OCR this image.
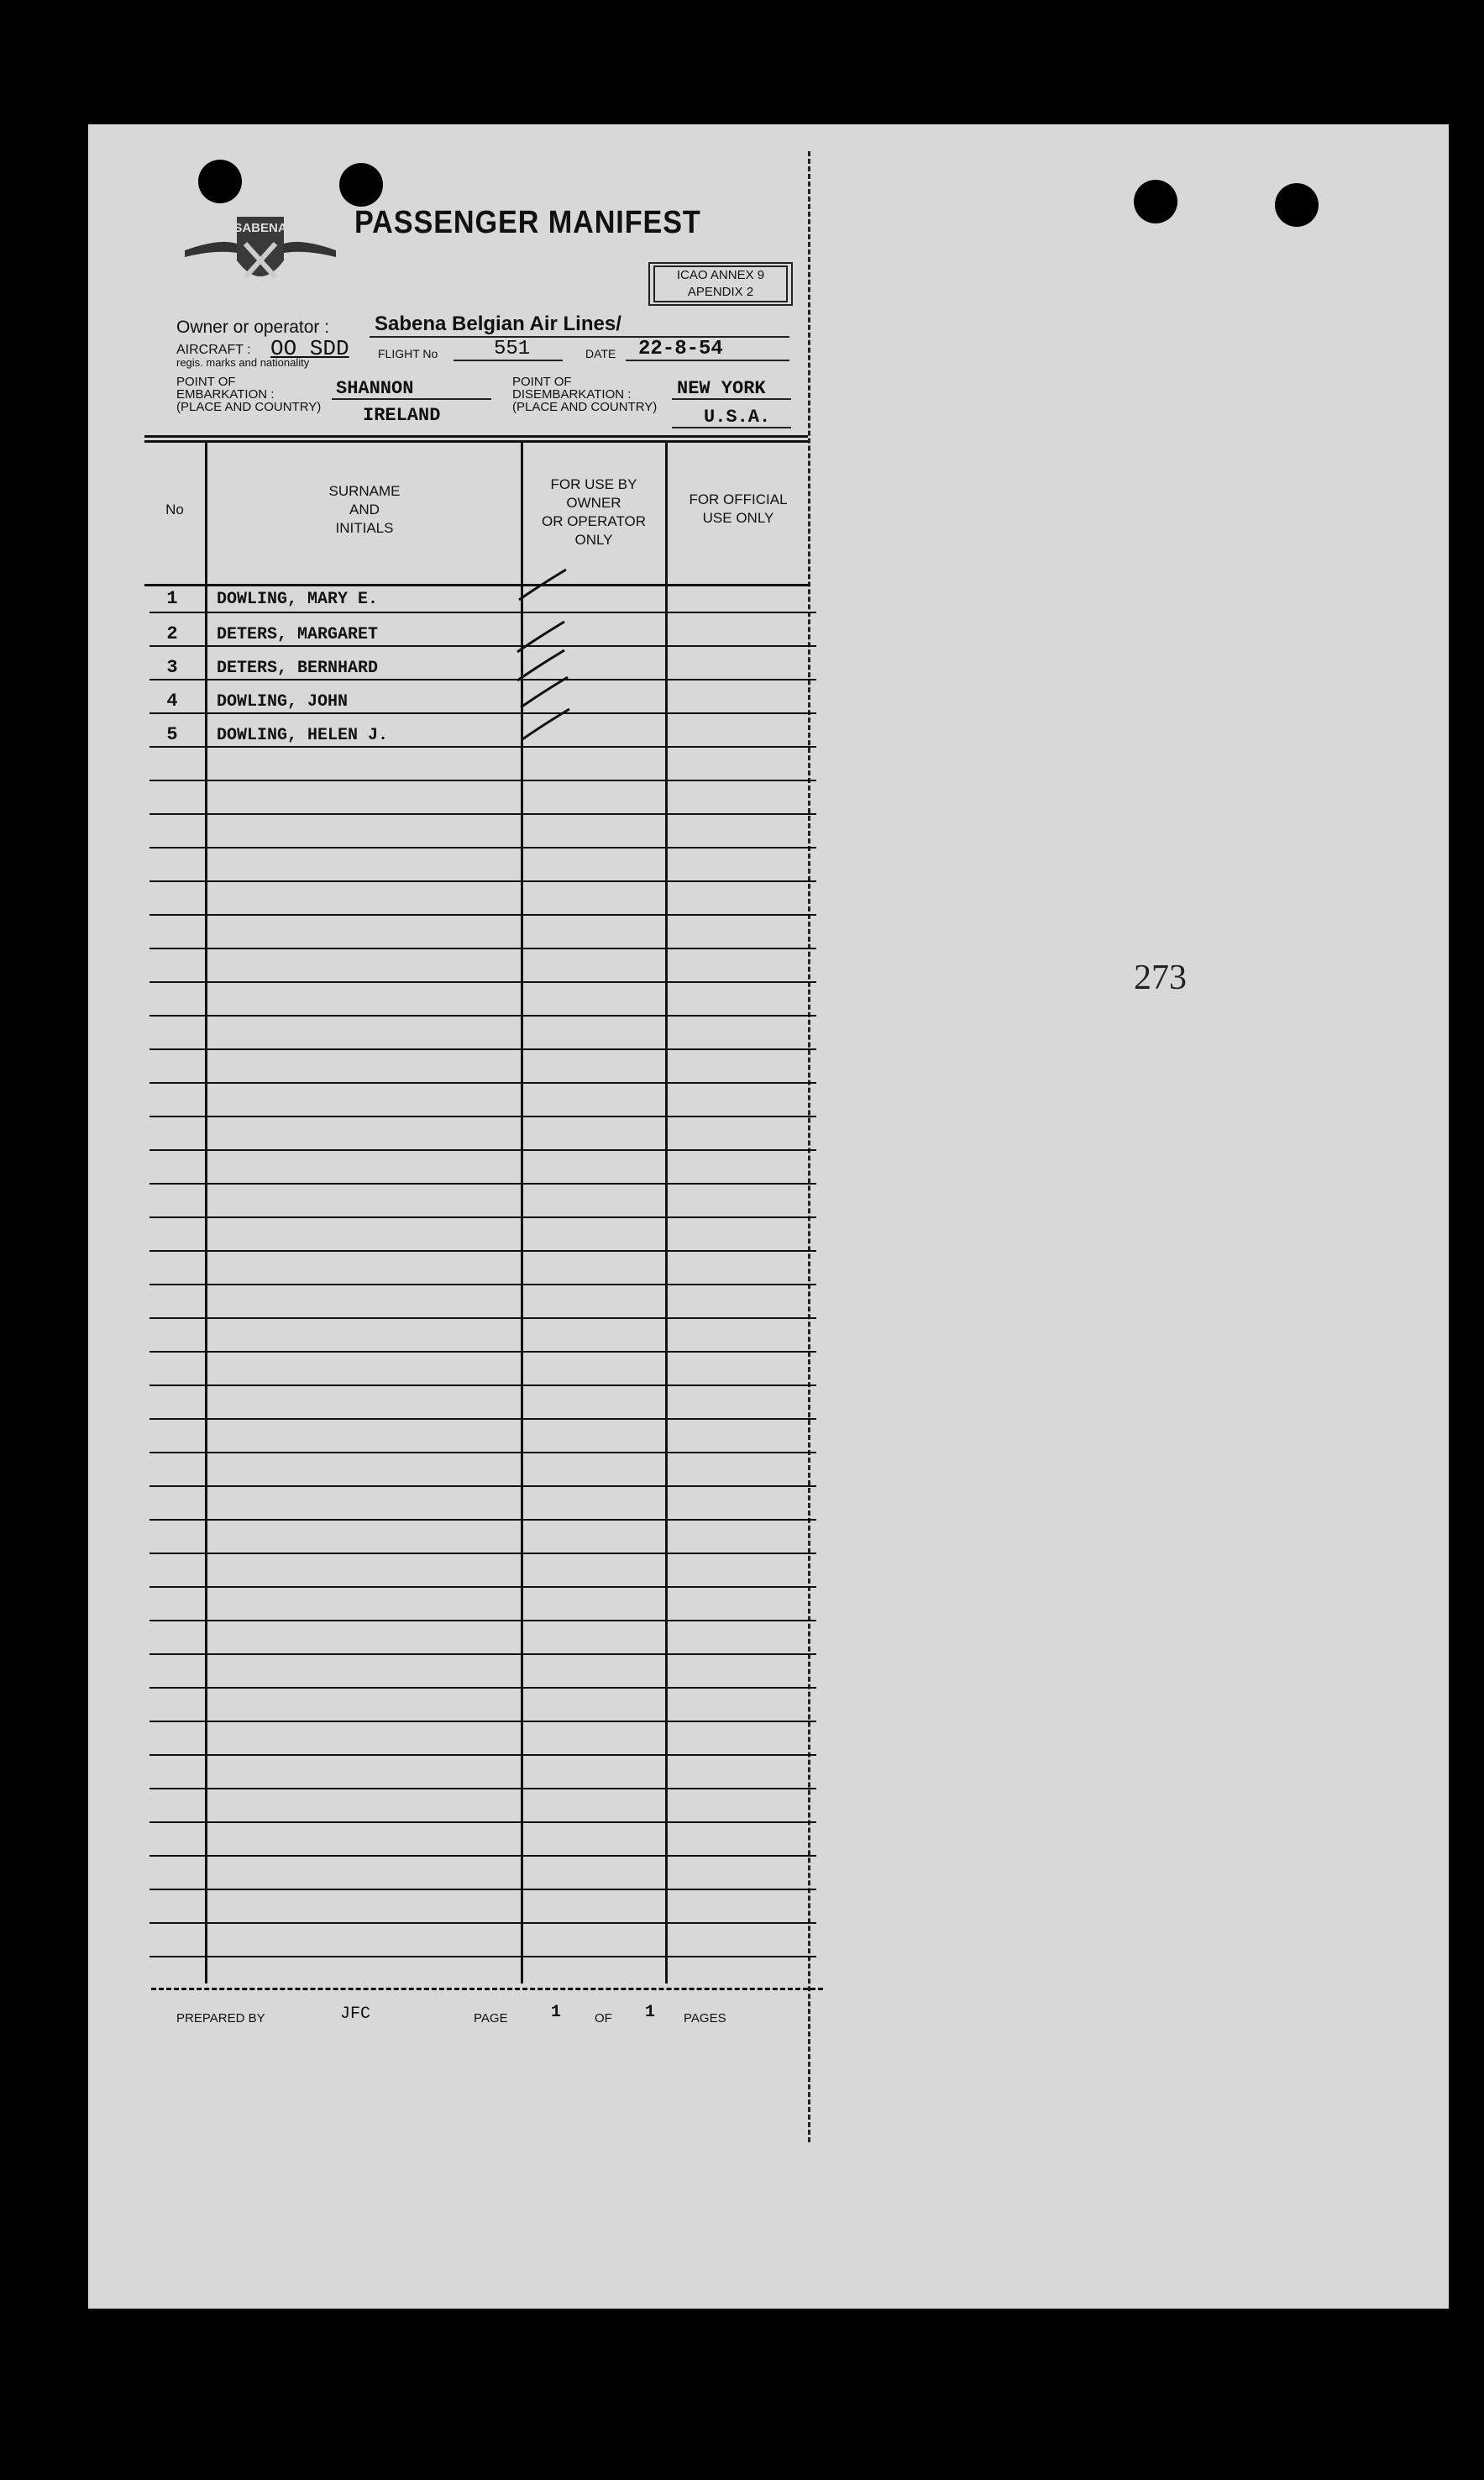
SABENA PASSENGER MANIFEST
ICAO ANNEX 9
APENDIX 2
Owner or operator : Sabena Belgian Air Lines/
AIRCRAFT :
regis. marks and nationality
OO SDD FLIGHT No	551	DATE 22-8-54
POINT OF
EMBARKATION :
(PLACE AND COUNTRY)
SHANNON
IRELAND
POINT OF
DISEMBARKATION :
(PLACE AND COUNTRY)
NEW YORK
U.S.A.
No
SURNAME
AND
INITIALS
FOR USE BY
OWNER
OR OPERATOR
ONLY
FOR OFFICIAL
USE ONLY
1	DOWLING, MARY E.
2	DETERS, MARGARET
3	DETERS, BERNHARD
4	DOWLING, JOHN
5	DOWLING, HELEN J.
PREPARED BY	JFC	PAGE	1	OF 1 PAGES
273
